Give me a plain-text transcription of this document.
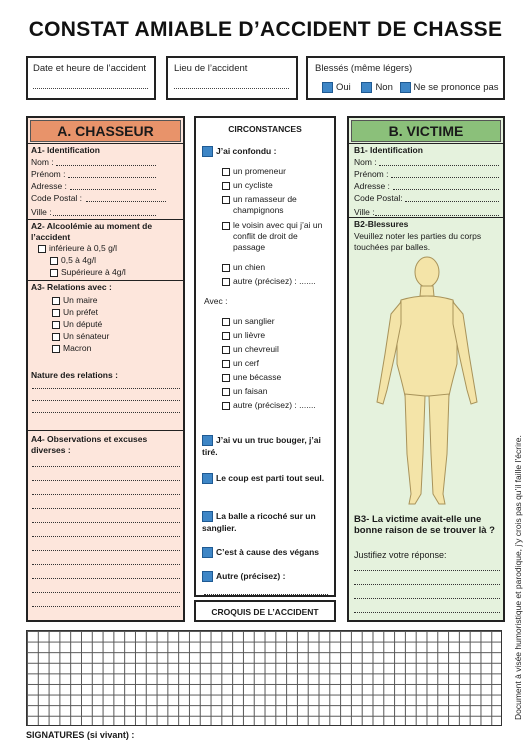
CONSTAT AMIABLE D’ACCIDENT DE CHASSE
Date et heure de l’accident	Lieu de l’accident	Blessés (même légers)
Oui	Non Ne se prononce pas
A. CHASSEUR
A1- Identification
Nom :
Prénom :
Adresse :
Code Postal :
Ville :
A2- Alcoolémie au moment de l’accident
inférieure à 0,5 g/l
0,5 à 4g/l
Supérieure à 4g/l
A3- Relations avec :
Un maire
Un préfet
Un député
Un sénateur
Macron
Nature des relations :
A4- Observations et excuses diverses :
CIRCONSTANCES
J’ai confondu :
un promeneur
un cycliste
un ramasseur de champignons
le voisin avec qui j’ai un conflit de droit de passage
un chien
autre (précisez) : .......
Avec :
un sanglier
un lièvre
un chevreuil
un cerf
une bécasse
un faisan
autre (précisez) : .......
J’ai vu un truc bouger, j’ai tiré.
Le coup est parti tout seul.
La balle a ricoché sur un sanglier.
C’est à cause des végans
Autre (précisez) :
CROQUIS DE L’ACCIDENT
B. VICTIME
B1- Identification
Nom :
Prénom :
Adresse :
Code Postal:
Ville :
B2-Blessures
Veuillez noter les parties du corps touchées par balles.
B3- La victime avait-elle une bonne raison de se trouver là ?
Justifiez votre réponse:
SIGNATURES (si vivant) :
Document à visée humoristique et parodique, j’y crois pas qu’il faille l’écrire.
